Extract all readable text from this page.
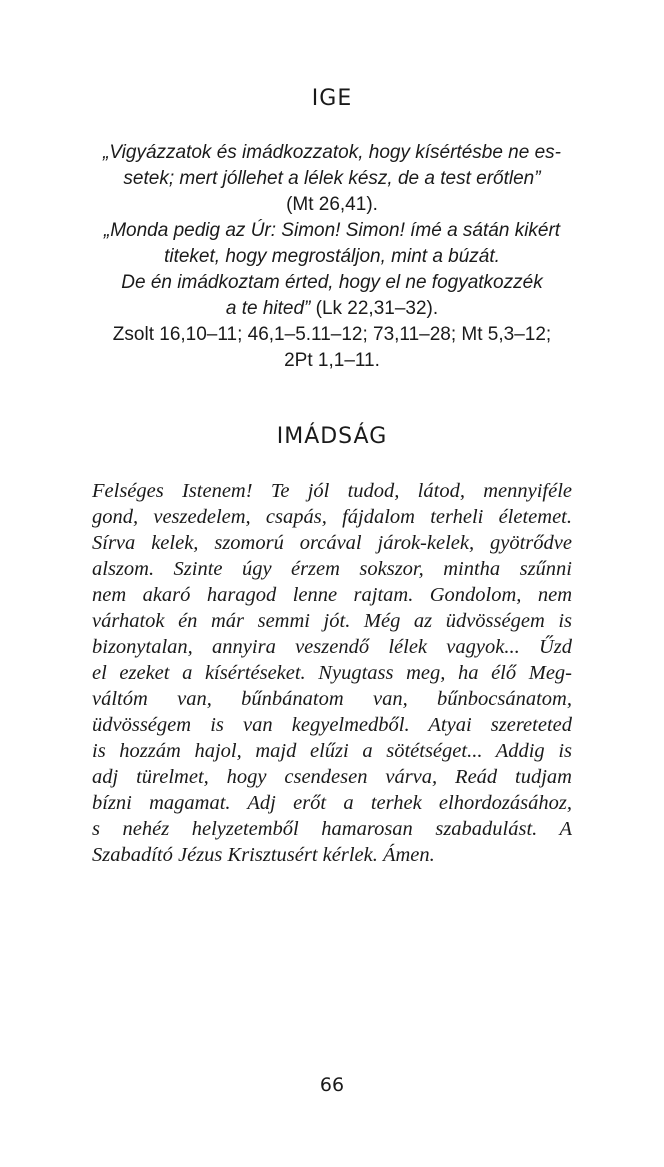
IGE
„Vigyázzatok és imádkozzatok, hogy kísértésbe ne es-
setek; mert jóllehet a lélek kész, de a test erőtlen”
(Mt 26,41).
„Monda pedig az Úr: Simon! Simon! ímé a sátán kikért
titeket, hogy megrostáljon, mint a búzát.
De én imádkoztam érted, hogy el ne fogyatkozzék
a te hited” (Lk 22,31–32).
Zsolt 16,10–11; 46,1–5.11–12; 73,11–28; Mt 5,3–12;
2Pt 1,1–11.
IMÁDSÁG
Felséges Istenem! Te jól tudod, látod, mennyiféle
gond, veszedelem, csapás, fájdalom terheli életemet.
Sírva kelek, szomorú orcával járok-kelek, gyötrődve
alszom. Szinte úgy érzem sokszor, mintha szűnni
nem akaró haragod lenne rajtam. Gondolom, nem
várhatok én már semmi jót. Még az üdvösségem is
bizonytalan, annyira veszendő lélek vagyok... Űzd
el ezeket a kísértéseket. Nyugtass meg, ha élő Meg-
váltóm van, bűnbánatom van, bűnbocsánatom,
üdvösségem is van kegyelmedből. Atyai szereteted
is hozzám hajol, majd elűzi a sötétséget... Addig is
adj türelmet, hogy csendesen várva, Reád tudjam
bízni magamat. Adj erőt a terhek elhordozásához,
s nehéz helyzetemből hamarosan szabadulást. A
Szabadító Jézus Krisztusért kérlek. Ámen.
66
